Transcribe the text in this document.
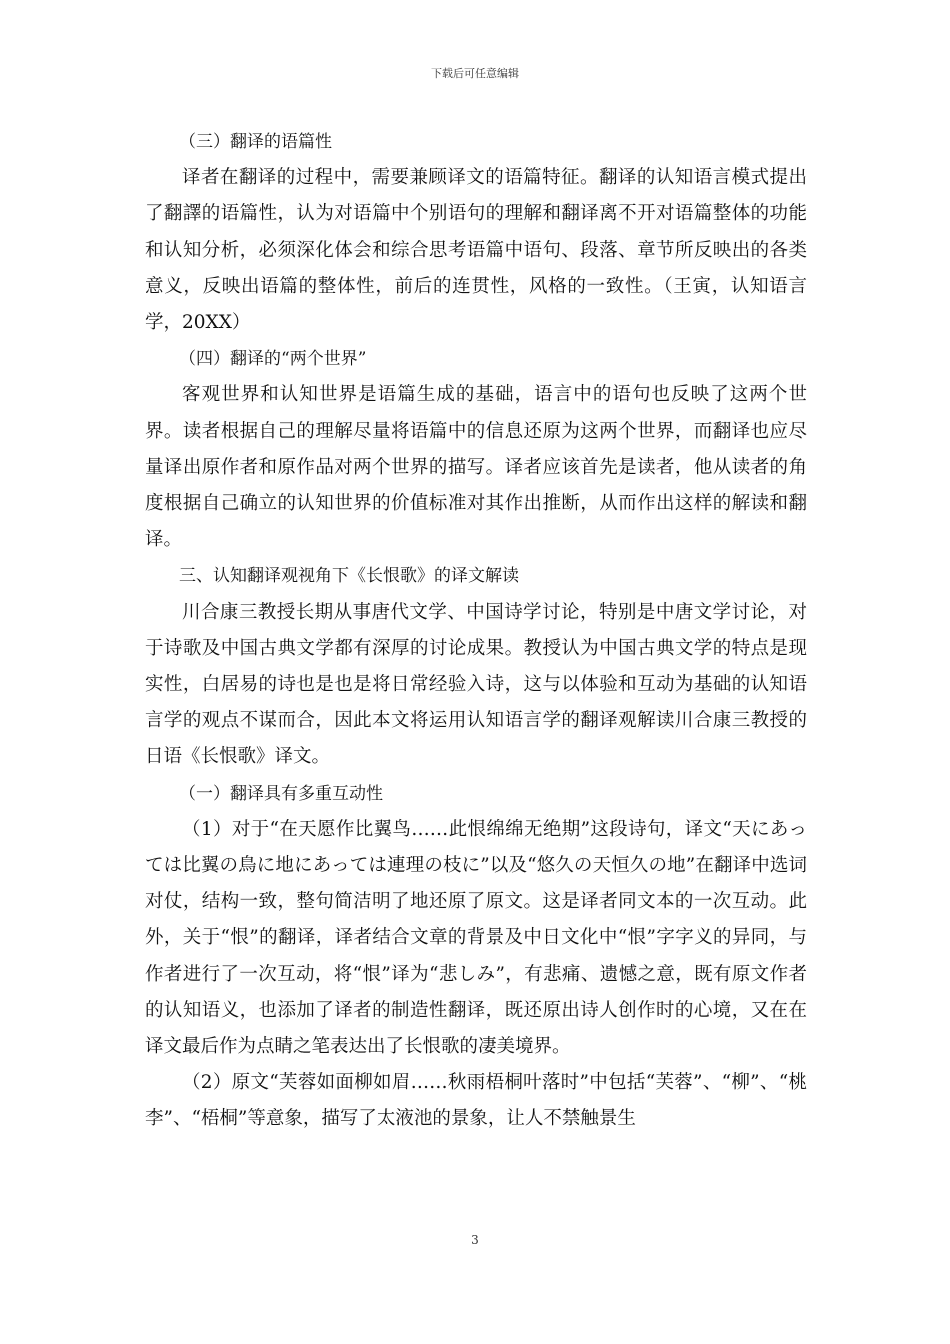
下载后可任意编辑
（三）翻译的语篇性
译者在翻译的过程中，需要兼顾译文的语篇特征。翻译的认知语言模式提出了翻譯的语篇性，认为对语篇中个别语句的理解和翻译离不开对语篇整体的功能和认知分析，必须深化体会和综合思考语篇中语句、段落、章节所反映出的各类意义，反映出语篇的整体性，前后的连贯性，风格的一致性。（王寅，认知语言学，20XX）
（四）翻译的“两个世界”
客观世界和认知世界是语篇生成的基础，语言中的语句也反映了这两个世界。读者根据自己的理解尽量将语篇中的信息还原为这两个世界，而翻译也应尽量译出原作者和原作品对两个世界的描写。译者应该首先是读者，他从读者的角度根据自己确立的认知世界的价值标准对其作出推断，从而作出这样的解读和翻译。
三、认知翻译观视角下《长恨歌》的译文解读
川合康三教授长期从事唐代文学、中国诗学讨论，特别是中唐文学讨论，对于诗歌及中国古典文学都有深厚的讨论成果。教授认为中国古典文学的特点是现实性，白居易的诗也是也是将日常经验入诗，这与以体验和互动为基础的认知语言学的观点不谋而合，因此本文将运用认知语言学的翻译观解读川合康三教授的日语《长恨歌》译文。
（一）翻译具有多重互动性
（1）对于“在天愿作比翼鸟……此恨绵绵无绝期”这段诗句，译文“天にあっては比翼の鳥に地にあっては連理の枝に”以及“悠久の天恒久の地”在翻译中选词对仗，结构一致，整句简洁明了地还原了原文。这是译者同文本的一次互动。此外，关于“恨”的翻译，译者结合文章的背景及中日文化中“恨”字字义的异同，与作者进行了一次互动，将“恨”译为“悲しみ”，有悲痛、遗憾之意，既有原文作者的认知语义，也添加了译者的制造性翻译，既还原出诗人创作时的心境，又在在译文最后作为点睛之笔表达出了长恨歌的凄美境界。
（2）原文“芙蓉如面柳如眉……秋雨梧桐叶落时”中包括“芙蓉”、“柳”、“桃李”、“梧桐”等意象，描写了太液池的景象，让人不禁触景生
3
